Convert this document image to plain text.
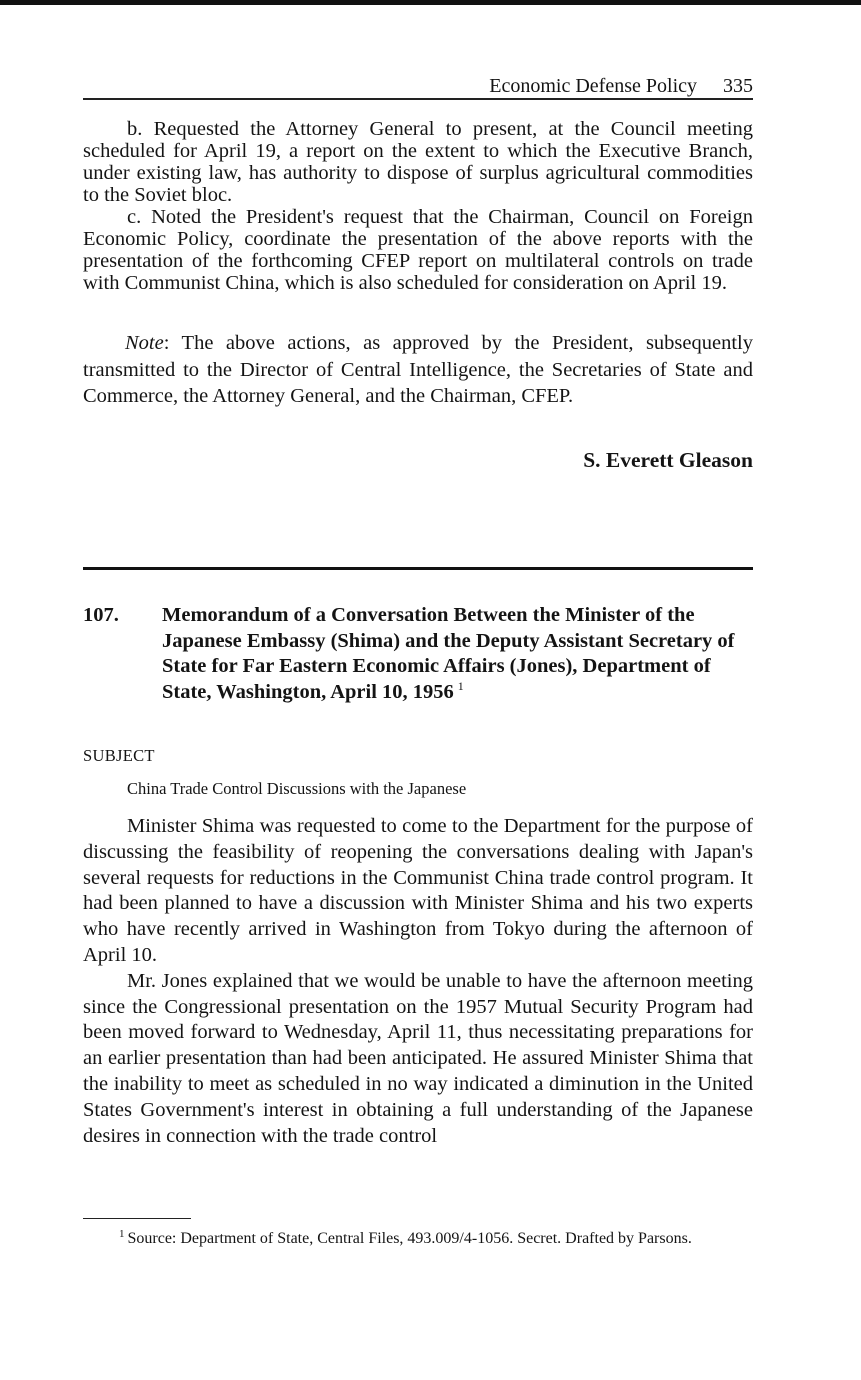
Economic Defense Policy 335

b. Requested the Attorney General to present, at the Council meeting scheduled for April 19, a report on the extent to which the Executive Branch, under existing law, has authority to dispose of surplus agricultural commodities to the Soviet bloc.

c. Noted the President's request that the Chairman, Council on Foreign Economic Policy, coordinate the presentation of the above reports with the presentation of the forthcoming CFEP report on multilateral controls on trade with Communist China, which is also scheduled for consideration on April 19.

Note: The above actions, as approved by the President, subsequently transmitted to the Director of Central Intelligence, the Secretaries of State and Commerce, the Attorney General, and the Chairman, CFEP.

S. Everett Gleason
107. Memorandum of a Conversation Between the Minister of the Japanese Embassy (Shima) and the Deputy Assistant Secretary of State for Far Eastern Economic Affairs (Jones), Department of State, Washington, April 10, 1956 $^1$
SUBJECT
China Trade Control Discussions with the Japanese

Minister Shima was requested to come to the Department for the purpose of discussing the feasibility of reopening the conversations dealing with Japan's several requests for reductions in the Communist China trade control program. It had been planned to have a discussion with Minister Shima and his two experts who have recently arrived in Washington from Tokyo during the afternoon of April 10.

Mr. Jones explained that we would be unable to have the afternoon meeting since the Congressional presentation on the 1957 Mutual Security Program had been moved forward to Wednesday, April 11, thus necessitating preparations for an earlier presentation than had been anticipated. He assured Minister Shima that the inability to meet as scheduled in no way indicated a diminution in the United States Government's interest in obtaining a full understanding of the Japanese desires in connection with the trade control

$^1$ Source: Department of State, Central Files, 493.009/4-1056. Secret. Drafted by Parsons.
